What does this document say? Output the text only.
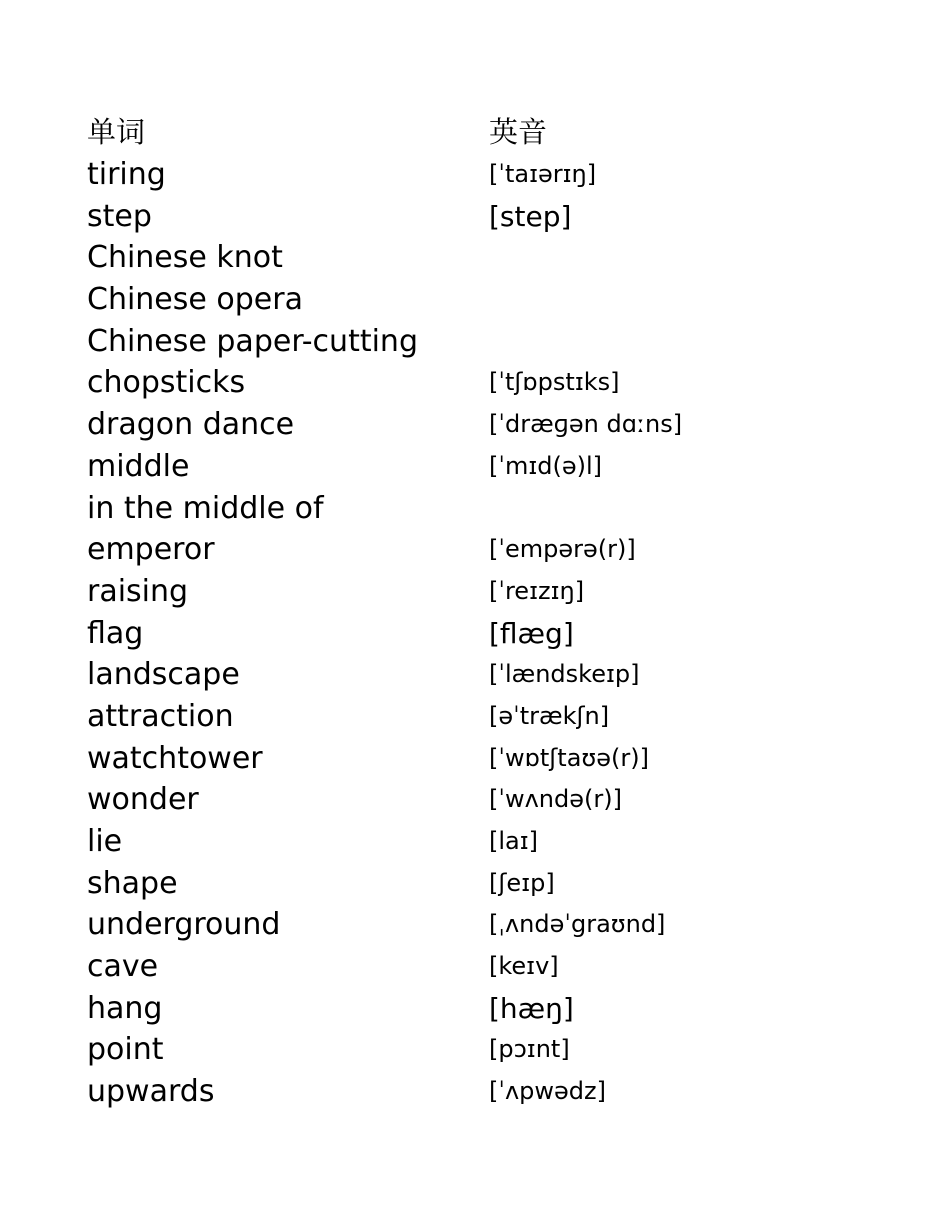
单词	英音
tiring	[ˈtaɪərɪŋ]
step	[step]
Chinese knot
Chinese opera
Chinese paper-cutting
chopsticks	[ˈtʃɒpstɪks]
dragon dance	[ˈdræɡən dɑːns]
middle	[ˈmɪd(ə)l]
in the middle of
emperor	[ˈempərə(r)]
raising	[ˈreɪzɪŋ]
flag	[flæg]
landscape	[ˈlændskeɪp]
attraction	[əˈtrækʃn]
watchtower	[ˈwɒtʃtaʊə(r)]
wonder	[ˈwʌndə(r)]
lie	[laɪ]
shape	[ʃeɪp]
underground	[ˌʌndəˈgraʊnd]
cave	[keɪv]
hang	[hæŋ]
point	[pɔɪnt]
upwards	[ˈʌpwədz]
